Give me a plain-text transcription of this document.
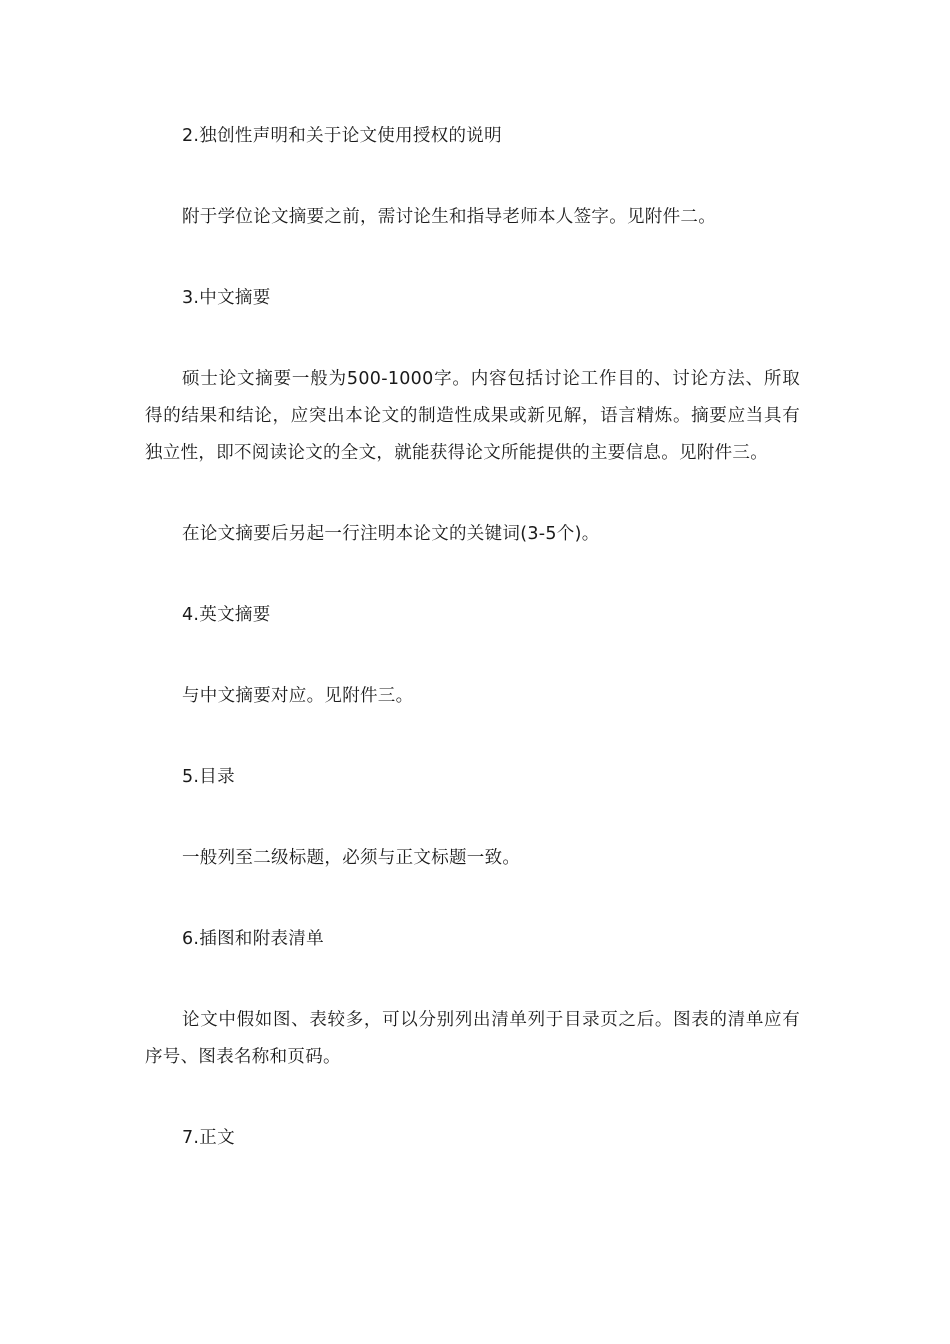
2.独创性声明和关于论文使用授权的说明

附于学位论文摘要之前，需讨论生和指导老师本人签字。见附件二。

3.中文摘要

硕士论文摘要一般为500-1000字。内容包括讨论工作目的、讨论方法、所取得的结果和结论，应突出本论文的制造性成果或新见解，语言精炼。摘要应当具有独立性，即不阅读论文的全文，就能获得论文所能提供的主要信息。见附件三。

在论文摘要后另起一行注明本论文的关键词(3-5个)。

4.英文摘要

与中文摘要对应。见附件三。

5.目录

一般列至二级标题，必须与正文标题一致。

6.插图和附表清单

论文中假如图、表较多，可以分别列出清单列于目录页之后。图表的清单应有序号、图表名称和页码。

7.正文
